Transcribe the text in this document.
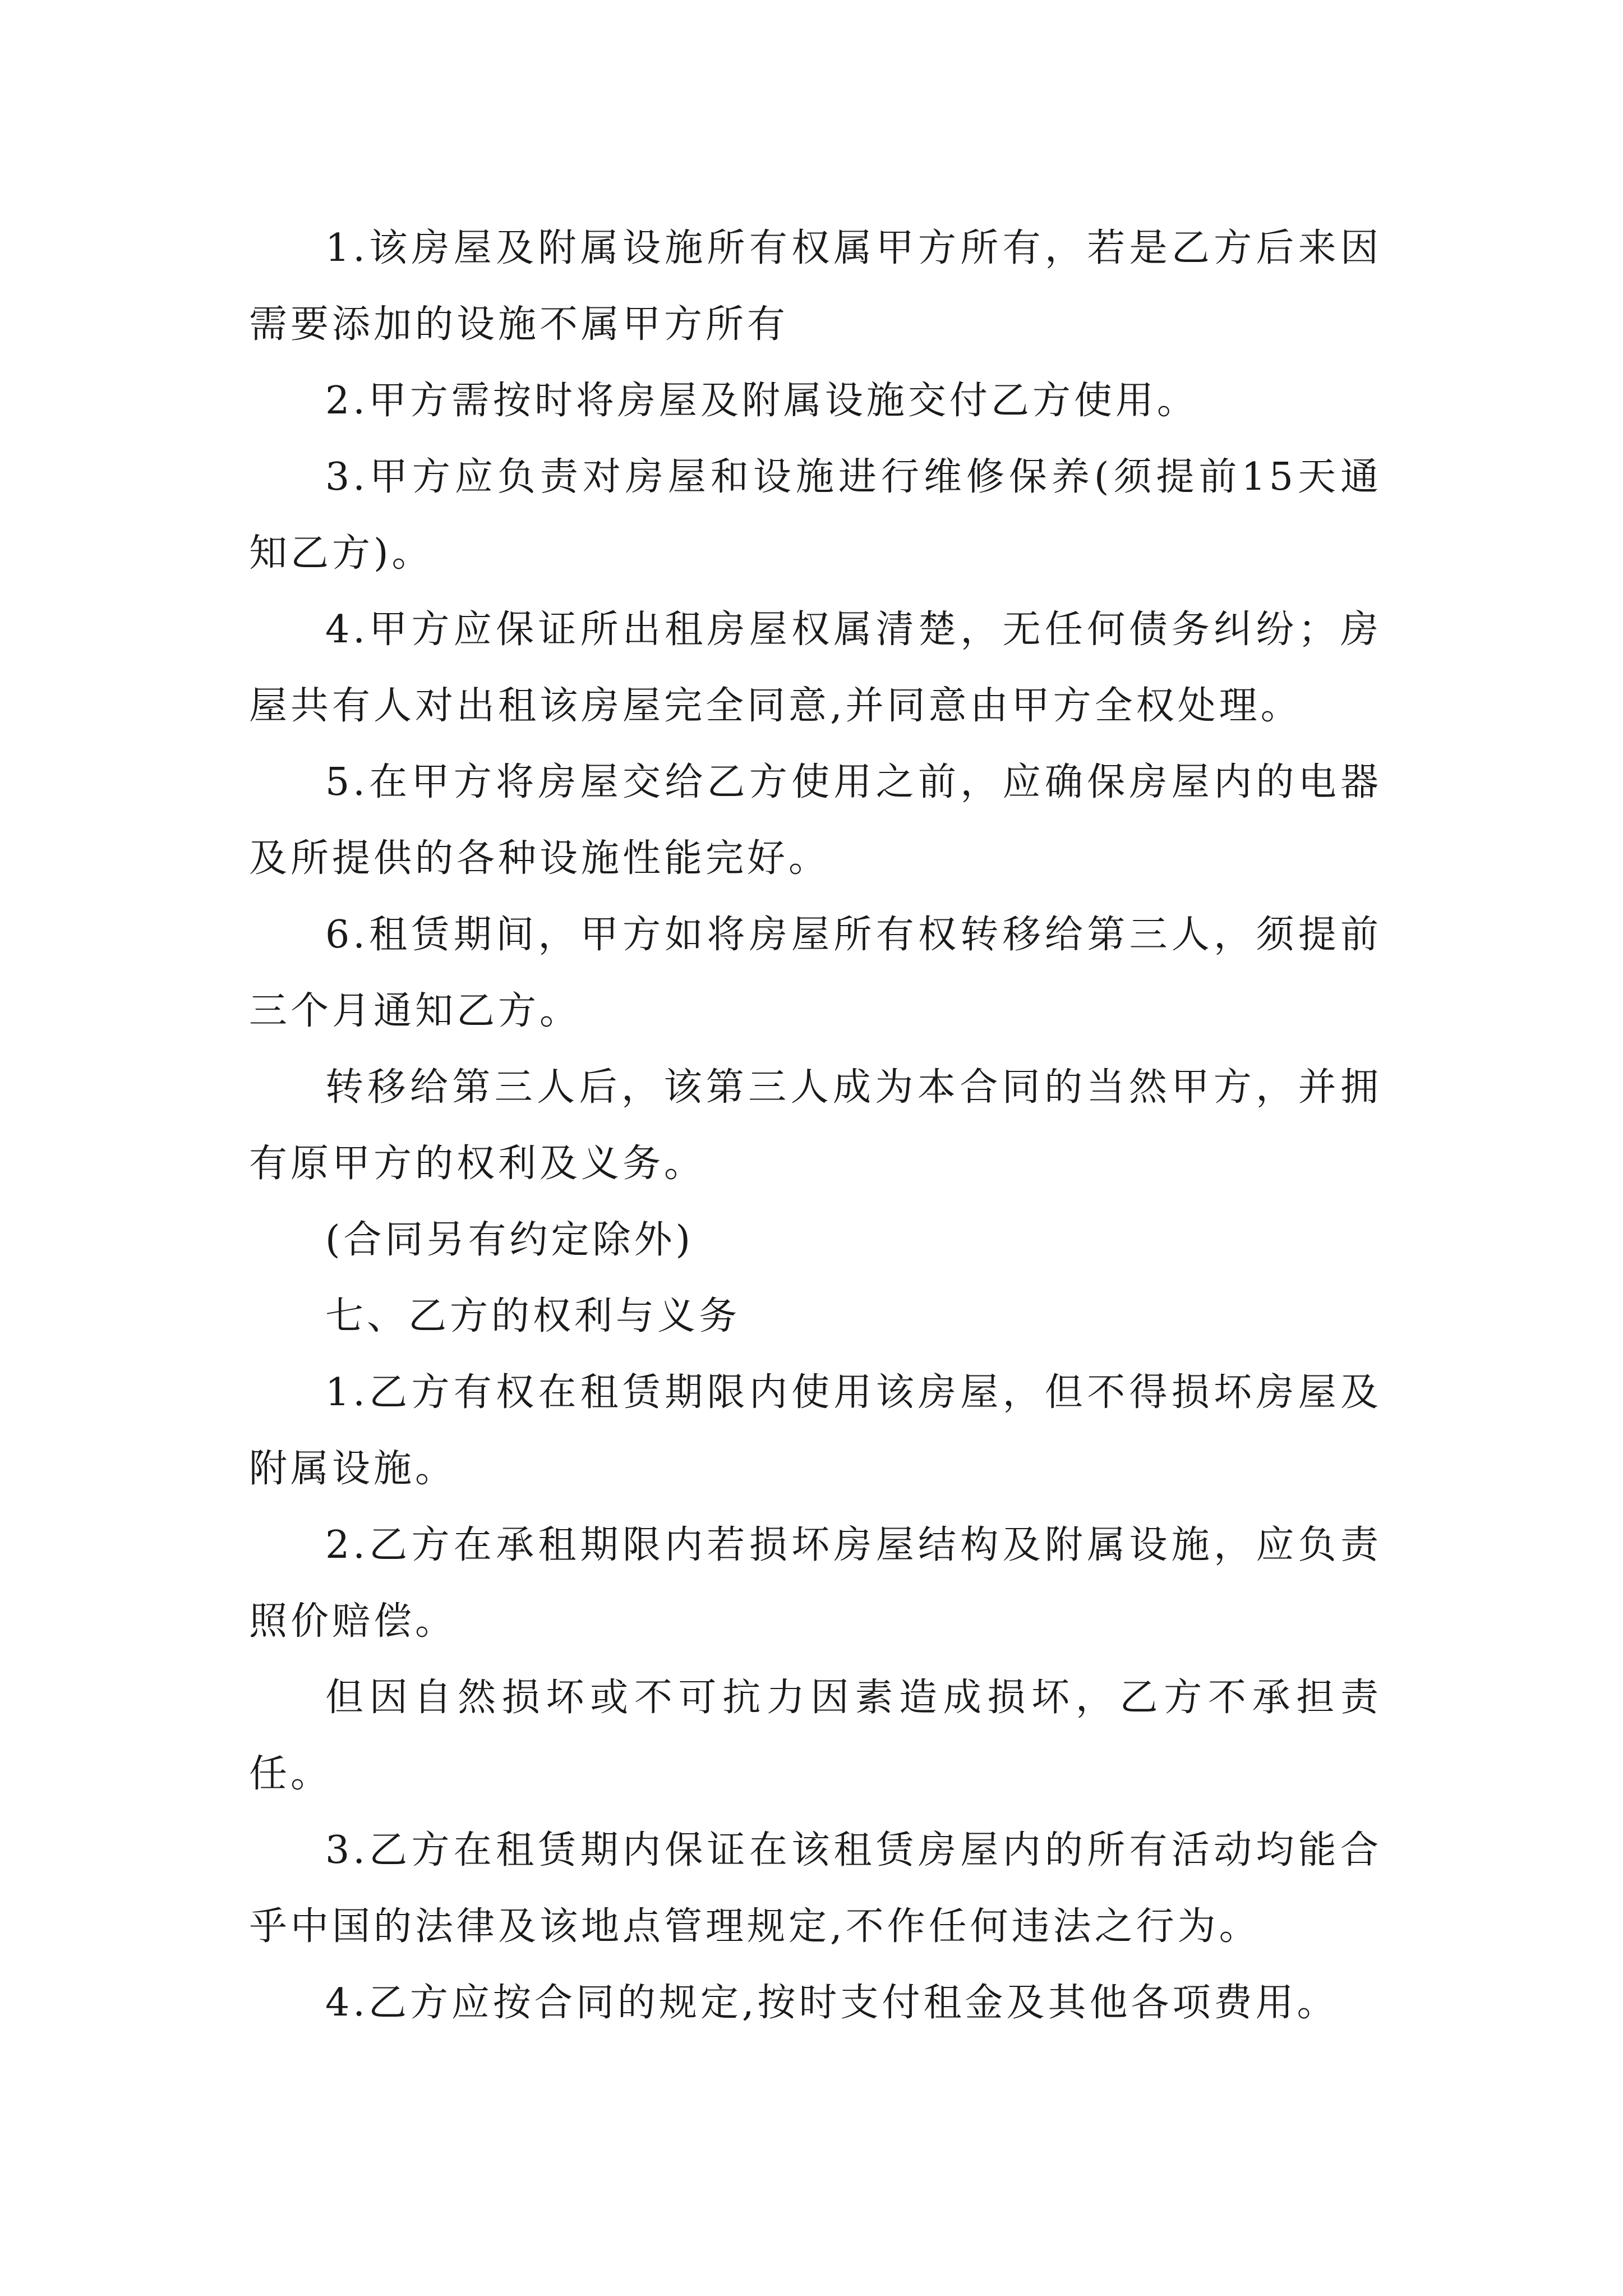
1.该房屋及附属设施所有权属甲方所有，若是乙方后来因需要添加的设施不属甲方所有

2.甲方需按时将房屋及附属设施交付乙方使用。

3.甲方应负责对房屋和设施进行维修保养(须提前15天通知乙方)。

4.甲方应保证所出租房屋权属清楚，无任何债务纠纷；房屋共有人对出租该房屋完全同意,并同意由甲方全权处理。

5.在甲方将房屋交给乙方使用之前，应确保房屋内的电器及所提供的各种设施性能完好。

6.租赁期间，甲方如将房屋所有权转移给第三人，须提前三个月通知乙方。

转移给第三人后，该第三人成为本合同的当然甲方，并拥有原甲方的权利及义务。

(合同另有约定除外)

七、乙方的权利与义务

1.乙方有权在租赁期限内使用该房屋，但不得损坏房屋及附属设施。

2.乙方在承租期限内若损坏房屋结构及附属设施，应负责照价赔偿。

但因自然损坏或不可抗力因素造成损坏，乙方不承担责任。

3.乙方在租赁期内保证在该租赁房屋内的所有活动均能合乎中国的法律及该地点管理规定,不作任何违法之行为。

4.乙方应按合同的规定,按时支付租金及其他各项费用。
